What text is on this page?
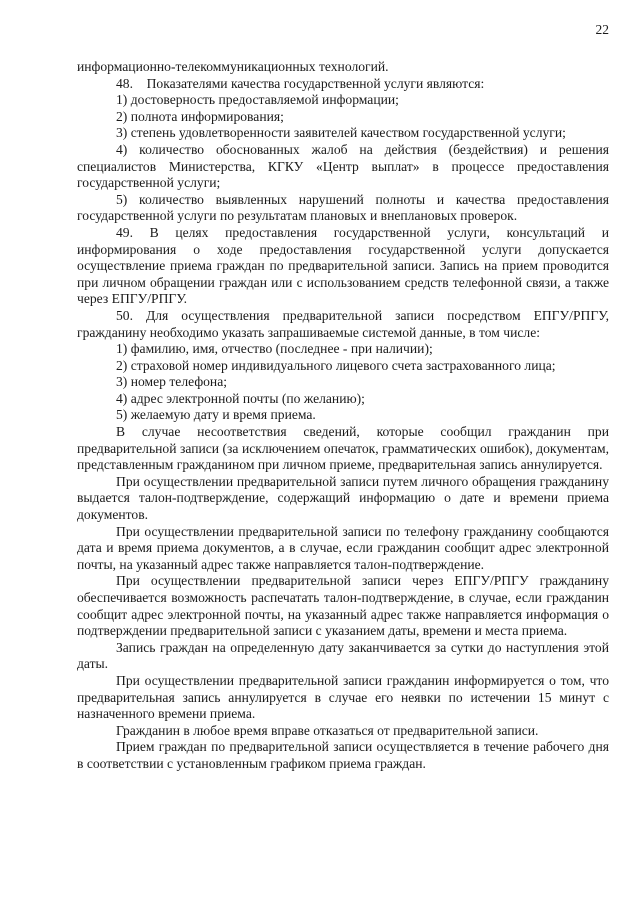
22

информационно-телекоммуникационных технологий.

48.    Показателями качества государственной услуги являются:

1) достоверность предоставляемой информации;

2) полнота информирования;

3) степень удовлетворенности заявителей качеством государственной услуги;

4) количество обоснованных жалоб на действия (бездействия) и решения специалистов Министерства, КГКУ «Центр выплат» в процессе предоставления государственной услуги;

5) количество выявленных нарушений полноты и качества предоставления государственной услуги по результатам плановых и внеплановых проверок.

49. В целях предоставления государственной услуги, консультаций и информирования о ходе предоставления государственной услуги допускается осуществление приема граждан по предварительной записи. Запись на прием проводится при личном обращении граждан или с использованием средств телефонной связи, а также через ЕПГУ/РПГУ.

50. Для осуществления предварительной записи посредством ЕПГУ/РПГУ, гражданину необходимо указать запрашиваемые системой данные, в том числе:

1) фамилию, имя, отчество (последнее - при наличии);

2) страховой номер индивидуального лицевого счета застрахованного лица;

3) номер телефона;

4) адрес электронной почты (по желанию);

5) желаемую дату и время приема.

В случае несоответствия сведений, которые сообщил гражданин при предварительной записи (за исключением опечаток, грамматических ошибок), документам, представленным гражданином при личном приеме, предварительная запись аннулируется.

При осуществлении предварительной записи путем личного обращения гражданину выдается талон-подтверждение, содержащий информацию о дате и времени приема документов.

При осуществлении предварительной записи по телефону гражданину сообщаются дата и время приема документов, а в случае, если гражданин сообщит адрес электронной почты, на указанный адрес также направляется талон-подтверждение.

При осуществлении предварительной записи через ЕПГУ/РПГУ гражданину обеспечивается возможность распечатать талон-подтверждение, в случае, если гражданин сообщит адрес электронной почты, на указанный адрес также направляется информация о подтверждении предварительной записи с указанием даты, времени и места приема.

Запись граждан на определенную дату заканчивается за сутки до наступления этой даты.

При осуществлении предварительной записи гражданин информируется о том, что предварительная запись аннулируется в случае его неявки по истечении 15 минут с назначенного времени приема.

Гражданин в любое время вправе отказаться от предварительной записи.

Прием граждан по предварительной записи осуществляется в течение рабочего дня в соответствии с установленным графиком приема граждан.
